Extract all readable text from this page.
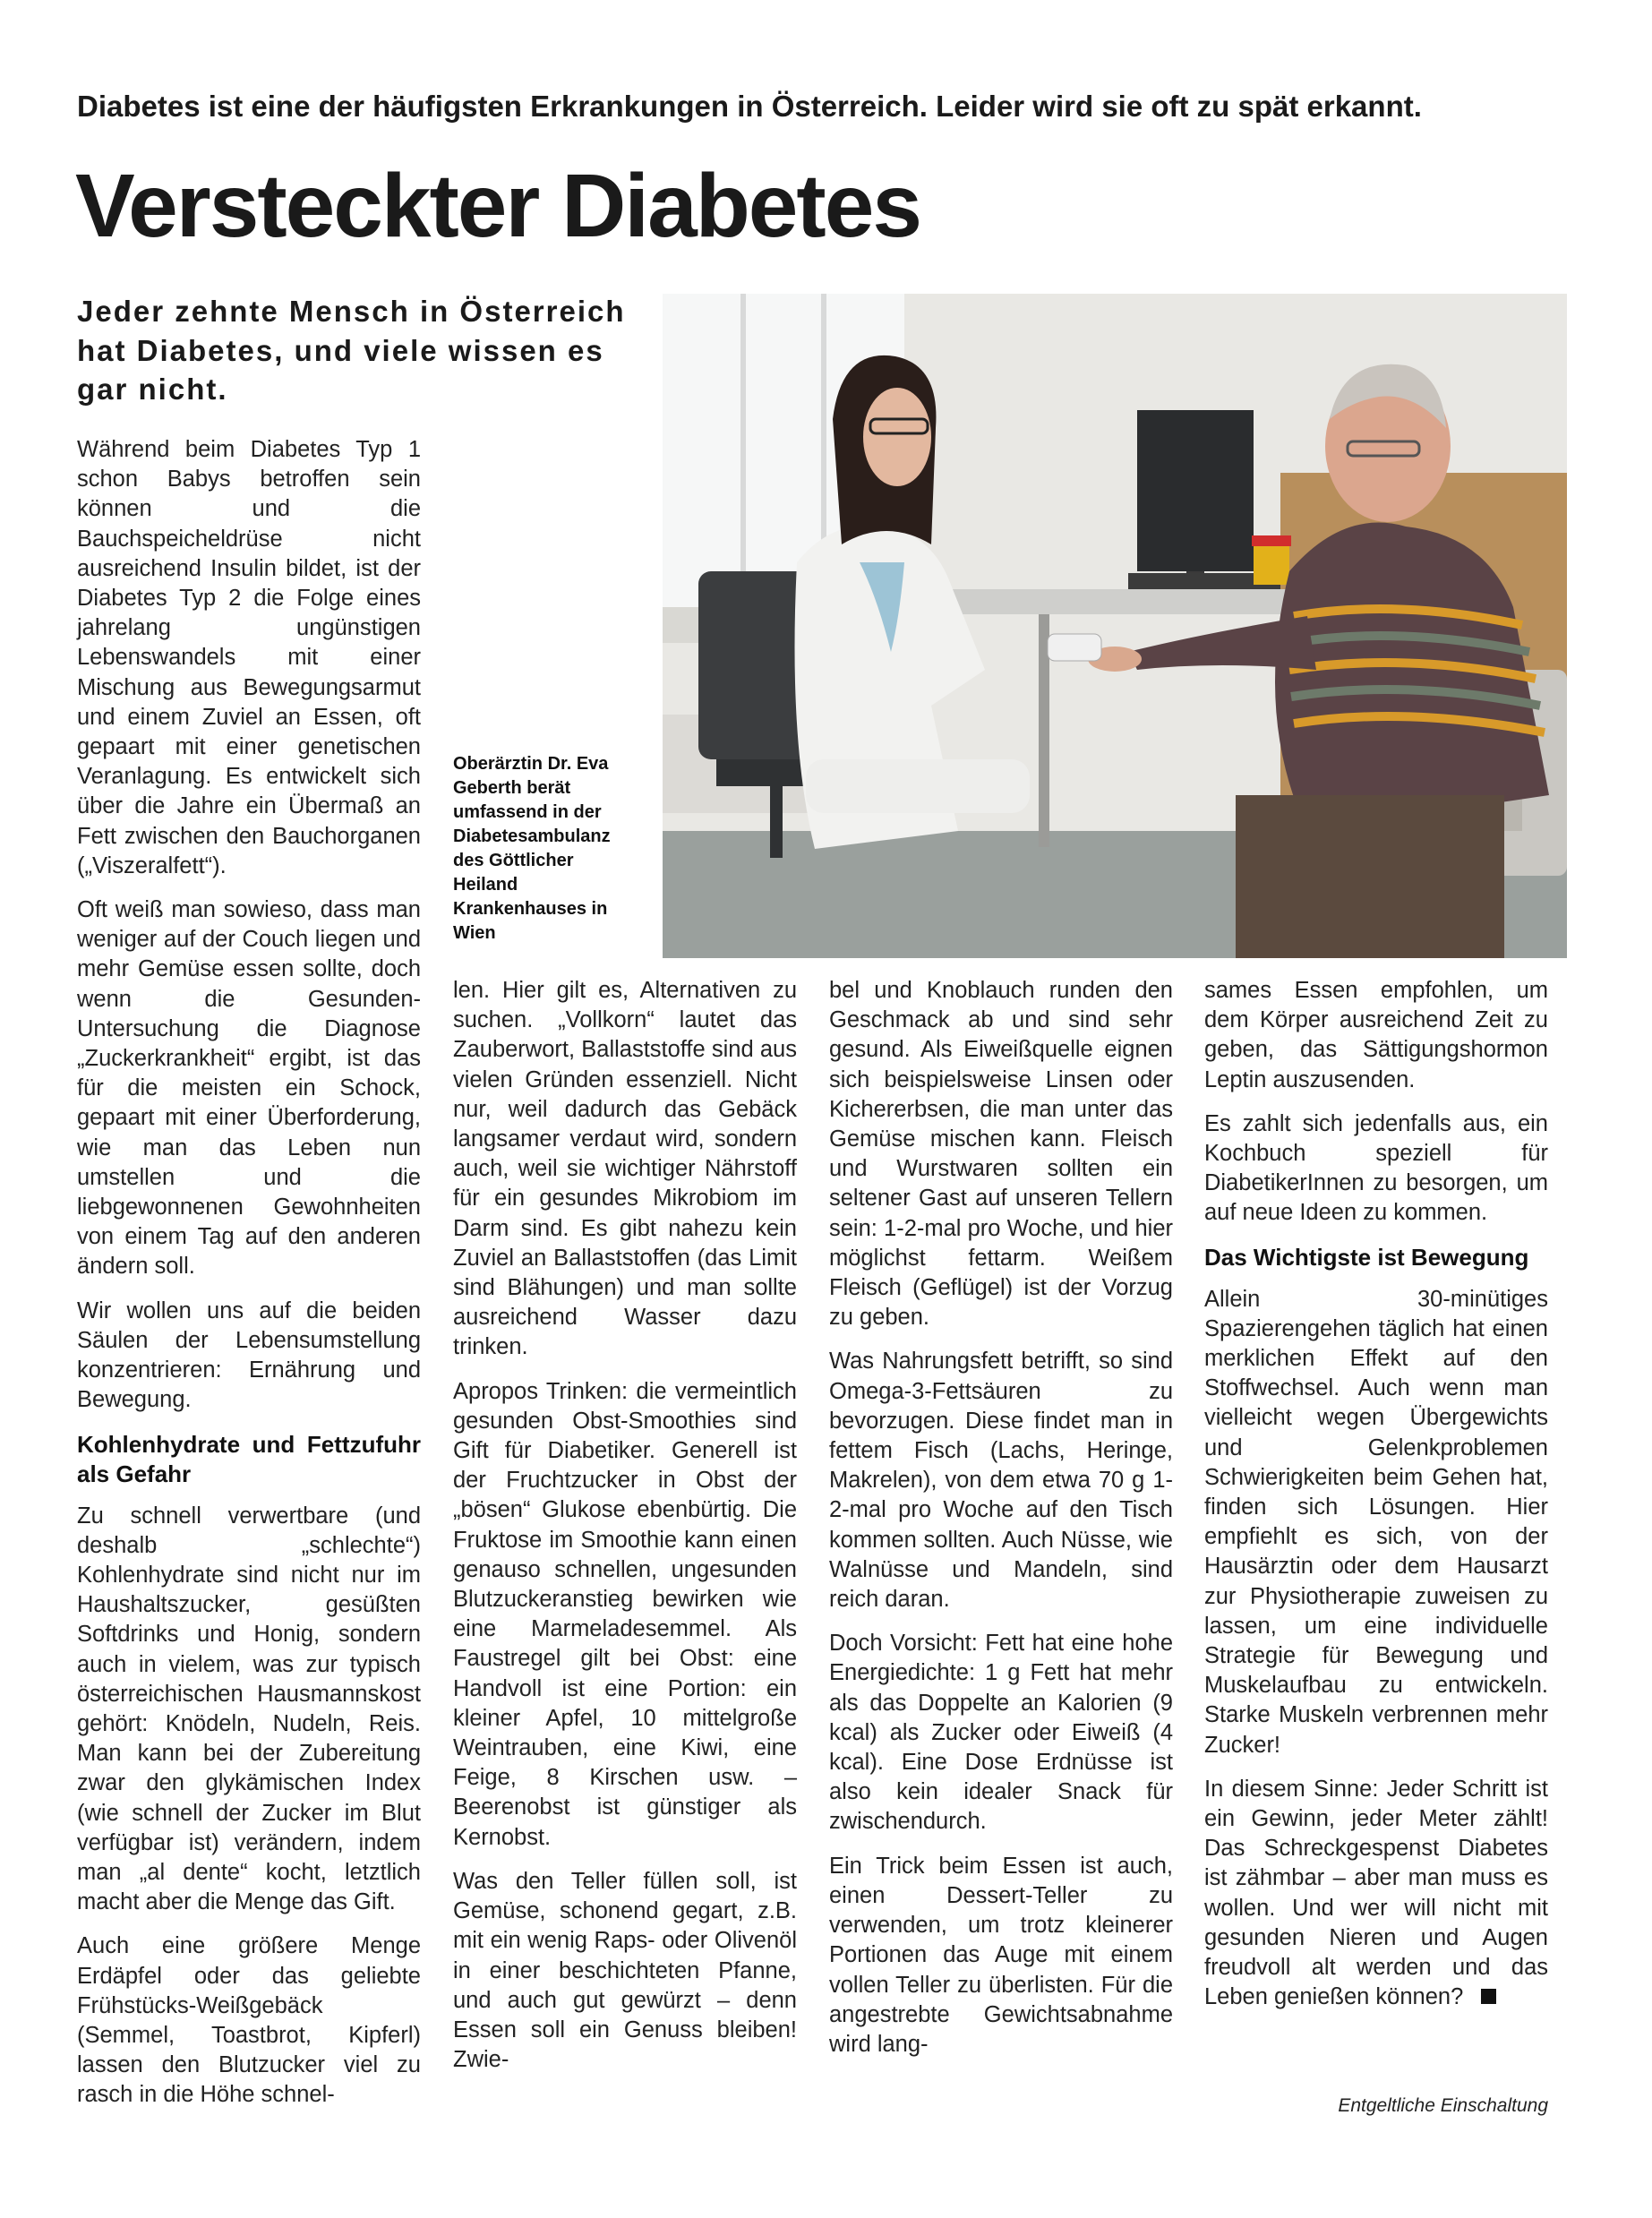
Diabetes ist eine der häufigsten Erkrankungen in Österreich. Leider wird sie oft zu spät erkannt.
Versteckter Diabetes
Jeder zehnte Mensch in Österreich hat Diabetes, und viele wissen es gar nicht.

Während beim Diabetes Typ 1 schon Babys betroffen sein können und die Bauchspeicheldrüse nicht ausreichend Insulin bildet, ist der Diabetes Typ 2 die Folge eines jahrelang ungünstigen Lebenswandels mit einer Mischung aus Bewegungsarmut und einem Zuviel an Essen, oft gepaart mit einer genetischen Veranlagung. Es entwickelt sich über die Jahre ein Übermaß an Fett zwischen den Bauchorganen („Viszeralfett“).

Oft weiß man sowieso, dass man weniger auf der Couch liegen und mehr Gemüse essen sollte, doch wenn die Gesunden-Untersuchung die Diagnose „Zuckerkrankheit“ ergibt, ist das für die meisten ein Schock, gepaart mit einer Überforderung, wie man das Leben nun umstellen und die liebgewonnenen Gewohnheiten von einem Tag auf den anderen ändern soll.

Wir wollen uns auf die beiden Säulen der Lebensumstellung konzentrieren: Ernährung und Bewegung.

Kohlenhydrate und Fettzufuhr als Gefahr

Zu schnell verwertbare (und deshalb „schlechte“) Kohlenhydrate sind nicht nur im Haushaltszucker, gesüßten Softdrinks und Honig, sondern auch in vielem, was zur typisch österreichischen Hausmannskost gehört: Knödeln, Nudeln, Reis. Man kann bei der Zubereitung zwar den glykämischen Index (wie schnell der Zucker im Blut verfügbar ist) verändern, indem man „al dente“ kocht, letztlich macht aber die Menge das Gift.

Auch eine größere Menge Erdäpfel oder das geliebte Frühstücks-Weißgebäck (Semmel, Toastbrot, Kipferl) lassen den Blutzucker viel zu rasch in die Höhe schnel-

Oberärztin Dr. Eva Geberth berät umfassend in der Diabetesambulanz des Göttlicher Heiland Krankenhauses in Wien

len. Hier gilt es, Alternativen zu suchen. „Vollkorn“ lautet das Zauberwort, Ballaststoffe sind aus vielen Gründen essenziell. Nicht nur, weil dadurch das Gebäck langsamer verdaut wird, sondern auch, weil sie wichtiger Nährstoff für ein gesundes Mikrobiom im Darm sind. Es gibt nahezu kein Zuviel an Ballaststoffen (das Limit sind Blähungen) und man sollte ausreichend Wasser dazu trinken.

Apropos Trinken: die vermeintlich gesunden Obst-Smoothies sind Gift für Diabetiker. Generell ist der Fruchtzucker in Obst der „bösen“ Glukose ebenbürtig. Die Fruktose im Smoothie kann einen genauso schnellen, ungesunden Blutzuckeranstieg bewirken wie eine Marmeladesemmel. Als Faustregel gilt bei Obst: eine Handvoll ist eine Portion: ein kleiner Apfel, 10 mittelgroße Weintrauben, eine Kiwi, eine Feige, 8 Kirschen usw. – Beerenobst ist günstiger als Kernobst.

Was den Teller füllen soll, ist Gemüse, schonend gegart, z.B. mit ein wenig Raps- oder Olivenöl in einer beschichteten Pfanne, und auch gut gewürzt – denn Essen soll ein Genuss bleiben! Zwie-

bel und Knoblauch runden den Geschmack ab und sind sehr gesund. Als Eiweißquelle eignen sich beispielsweise Linsen oder Kichererbsen, die man unter das Gemüse mischen kann. Fleisch und Wurstwaren sollten ein seltener Gast auf unseren Tellern sein: 1-2-mal pro Woche, und hier möglichst fettarm. Weißem Fleisch (Geflügel) ist der Vorzug zu geben.

Was Nahrungsfett betrifft, so sind Omega-3-Fettsäuren zu bevorzugen. Diese findet man in fettem Fisch (Lachs, Heringe, Makrelen), von dem etwa 70 g 1-2-mal pro Woche auf den Tisch kommen sollten. Auch Nüsse, wie Walnüsse und Mandeln, sind reich daran.

Doch Vorsicht: Fett hat eine hohe Energiedichte: 1 g Fett hat mehr als das Doppelte an Kalorien (9 kcal) als Zucker oder Eiweiß (4 kcal). Eine Dose Erdnüsse ist also kein idealer Snack für zwischendurch.

Ein Trick beim Essen ist auch, einen Dessert-Teller zu verwenden, um trotz kleinerer Portionen das Auge mit einem vollen Teller zu überlisten. Für die angestrebte Gewichtsabnahme wird lang-

sames Essen empfohlen, um dem Körper ausreichend Zeit zu geben, das Sättigungshormon Leptin auszusenden.

Es zahlt sich jedenfalls aus, ein Kochbuch speziell für DiabetikerInnen zu besorgen, um auf neue Ideen zu kommen.

Das Wichtigste ist Bewegung

Allein 30-minütiges Spazierengehen täglich hat einen merklichen Effekt auf den Stoffwechsel. Auch wenn man vielleicht wegen Übergewichts und Gelenkproblemen Schwierigkeiten beim Gehen hat, finden sich Lösungen. Hier empfiehlt es sich, von der Hausärztin oder dem Hausarzt zur Physiotherapie zuweisen zu lassen, um eine individuelle Strategie für Bewegung und Muskelaufbau zu entwickeln. Starke Muskeln verbrennen mehr Zucker!

In diesem Sinne: Jeder Schritt ist ein Gewinn, jeder Meter zählt! Das Schreckgespenst Diabetes ist zähmbar – aber man muss es wollen. Und wer will nicht mit gesunden Nieren und Augen freudvoll alt werden und das Leben genießen können?

Entgeltliche Einschaltung
